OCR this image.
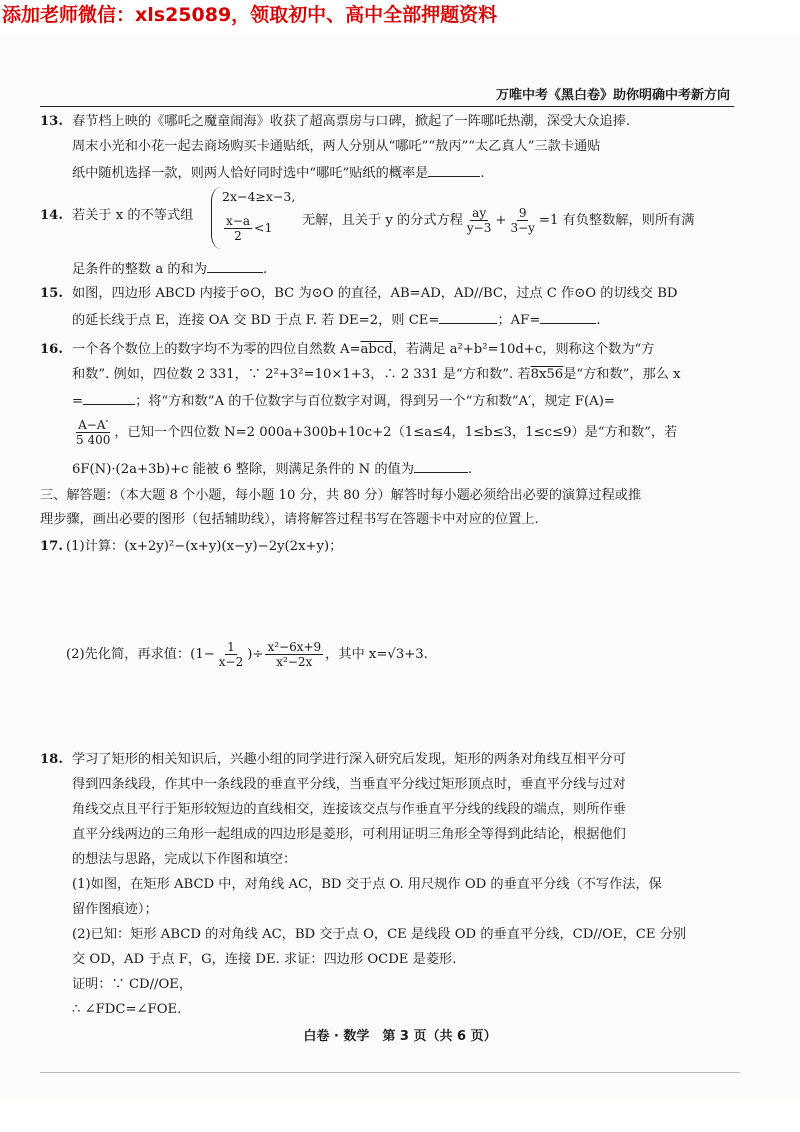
添加老师微信：xls25089，领取初中、高中全部押题资料
万唯中考《黑白卷》助你明确中考新方向
13. 春节档上映的《哪吒之魔童闹海》收获了超高票房与口碑，掀起了一阵哪吒热潮，深受大众追捧.
周末小光和小花一起去商场购买卡通贴纸，两人分别从“哪吒”“敖丙”“太乙真人”三款卡通贴
纸中随机选择一款，则两人恰好同时选中“哪吒”贴纸的概率是	.
14. 若关于 x 的不等式组
2x−4≥x−3,
$\frac{x-a}{2} <1$ 无解，且关于 y 的分式方程 $\frac{ay}{y-3} + \frac{9}{3-y} =1$ 有负整数解，则所有满
足条件的整数 a 的和为	.
15. 如图，四边形 ABCD 内接于⊙O，BC 为⊙O 的直径，AB=AD，AD//BC，过点 C 作⊙O 的切线交 BD
的延长线于点 E，连接 OA 交 BD 于点 F. 若 DE=2，则 CE=	；AF=	.
16. 一个各个数位上的数字均不为零的四位自然数 A=abcd，若满足 a²+b²=10d+c，则称这个数为“方
和数”. 例如，四位数 2 331，∵ 2²+3²=10×1+3，∴ 2 331 是“方和数”. 若8x56是“方和数”，那么 x
=	；将“方和数”A 的千位数字与百位数字对调，得到另一个“方和数”A′，规定 F(A)=
$\frac{A-A'}{5 400}$ ，已知一个四位数 N=2 000a+300b+10c+2（1≤a≤4，1≤b≤3，1≤c≤9）是“方和数”，若
6F(N)·(2a+3b)+c 能被 6 整除，则满足条件的 N 的值为	.
三、解答题：（本大题 8 个小题，每小题 10 分，共 80 分）解答时每小题必须给出必要的演算过程或推
理步骤，画出必要的图形（包括辅助线），请将解答过程书写在答题卡中对应的位置上.
17. (1)计算：(x+2y)²−(x+y)(x−y)−2y(2x+y)；
(2)先化简，再求值：($1- \frac{1}{x-2}$ )÷ $\frac{\text{x²−6x+9}}{\text{x²−2x}}$ ，其中 x=√3+3.
18. 学习了矩形的相关知识后，兴趣小组的同学进行深入研究后发现，矩形的两条对角线互相平分可
得到四条线段，作其中一条线段的垂直平分线，当垂直平分线过矩形顶点时，垂直平分线与过对
角线交点且平行于矩形较短边的直线相交，连接该交点与作垂直平分线的线段的端点，则所作垂
直平分线两边的三角形一起组成的四边形是菱形，可利用证明三角形全等得到此结论，根据他们
的想法与思路，完成以下作图和填空：
(1)如图，在矩形 ABCD 中，对角线 AC，BD 交于点 O. 用尺规作 OD 的垂直平分线（不写作法，保
留作图痕迹）；
(2)已知：矩形 ABCD 的对角线 AC，BD 交于点 O，CE 是线段 OD 的垂直平分线，CD//OE，CE 分别
交 OD，AD 于点 F，G，连接 DE. 求证：四边形 OCDE 是菱形.
证明：∵ CD//OE，
∴ ∠FDC=∠FOE.
白卷 · 数学　第 3 页（共 6 页）
